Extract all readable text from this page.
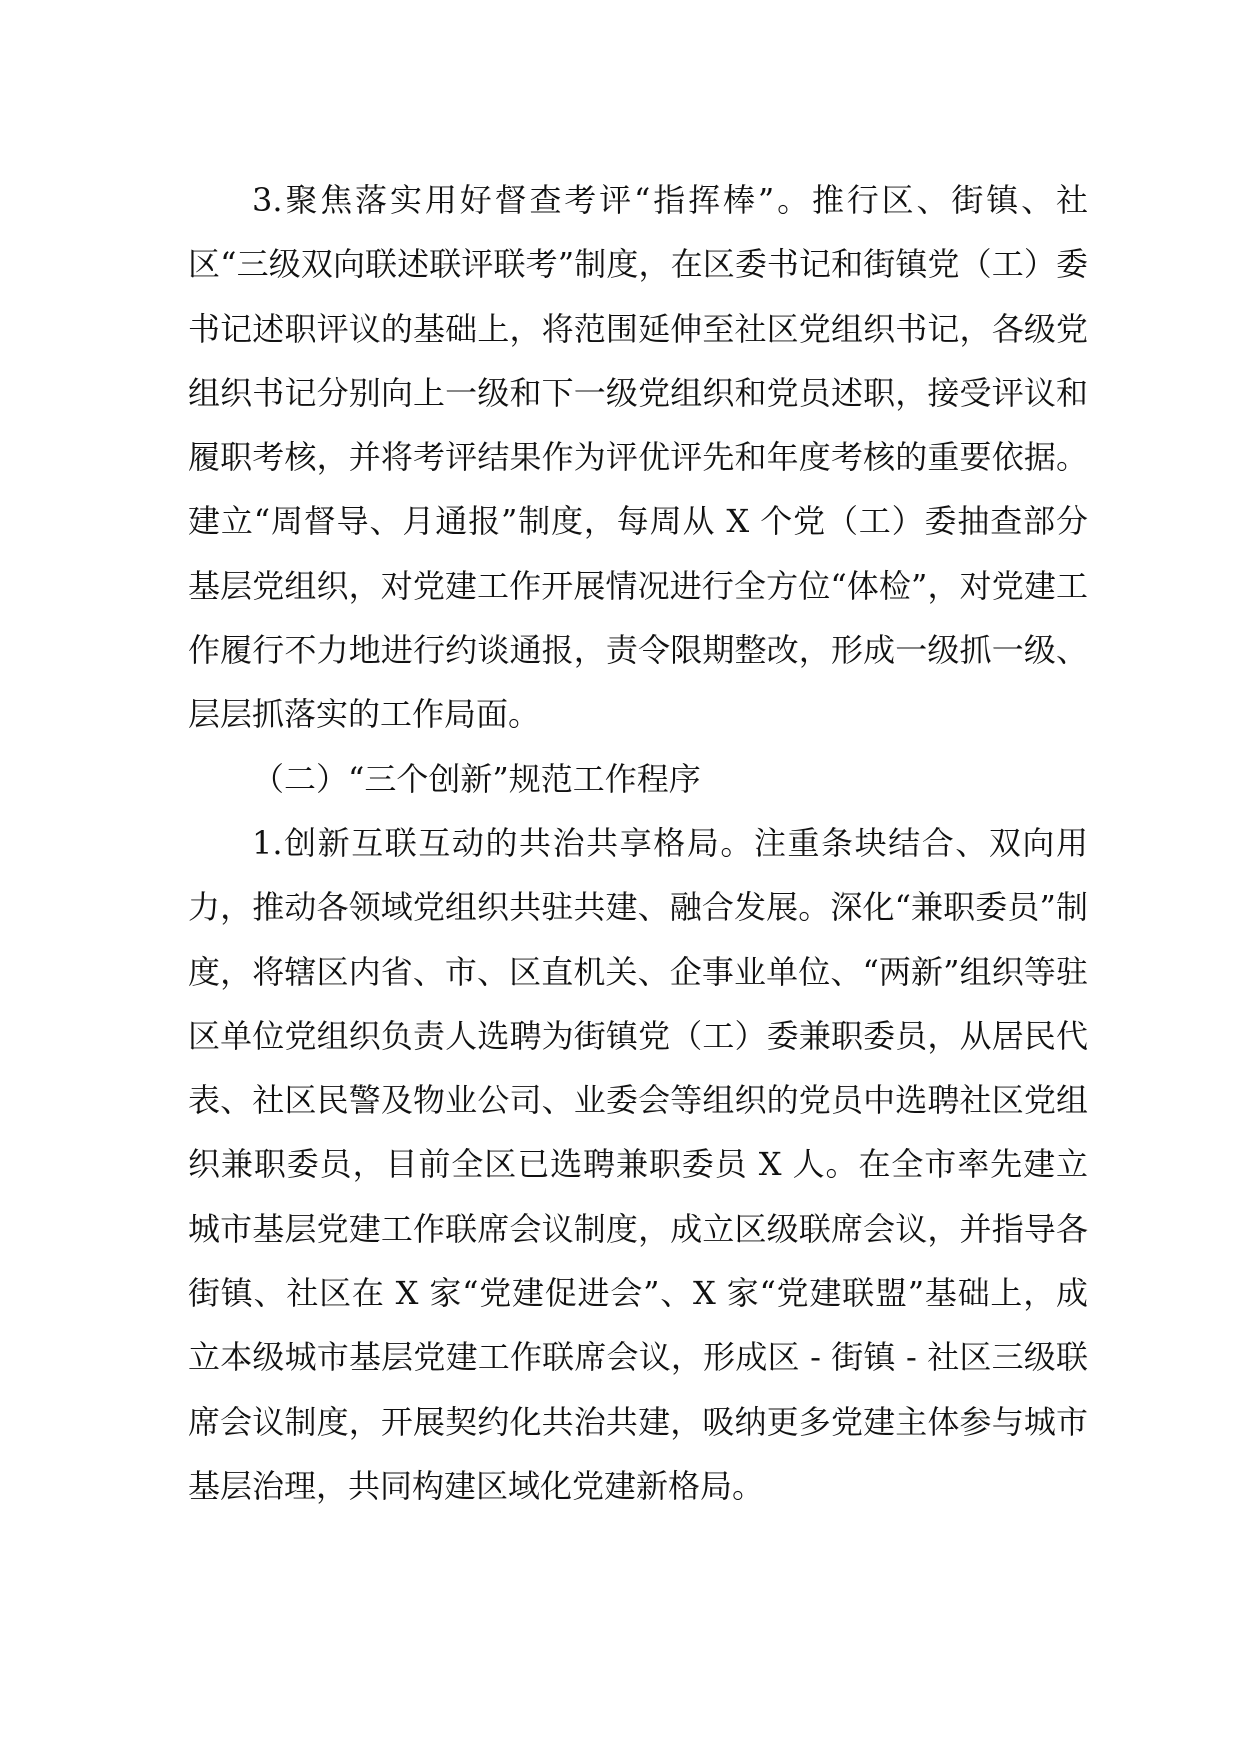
3.聚焦落实用好督查考评“指挥棒”。推行区、街镇、社区“三级双向联述联评联考”制度，在区委书记和街镇党（工）委书记述职评议的基础上，将范围延伸至社区党组织书记，各级党组织书记分别向上一级和下一级党组织和党员述职，接受评议和履职考核，并将考评结果作为评优评先和年度考核的重要依据。建立“周督导、月通报”制度，每周从 X 个党（工）委抽查部分基层党组织，对党建工作开展情况进行全方位“体检”，对党建工作履行不力地进行约谈通报，责令限期整改，形成一级抓一级、层层抓落实的工作局面。

（二）“三个创新”规范工作程序

1.创新互联互动的共治共享格局。注重条块结合、双向用力，推动各领域党组织共驻共建、融合发展。深化“兼职委员”制度，将辖区内省、市、区直机关、企事业单位、“两新”组织等驻区单位党组织负责人选聘为街镇党（工）委兼职委员，从居民代表、社区民警及物业公司、业委会等组织的党员中选聘社区党组织兼职委员，目前全区已选聘兼职委员 X 人。在全市率先建立城市基层党建工作联席会议制度，成立区级联席会议，并指导各街镇、社区在 X 家“党建促进会”、X 家“党建联盟”基础上，成立本级城市基层党建工作联席会议，形成区 - 街镇 - 社区三级联席会议制度，开展契约化共治共建，吸纳更多党建主体参与城市基层治理，共同构建区域化党建新格局。
